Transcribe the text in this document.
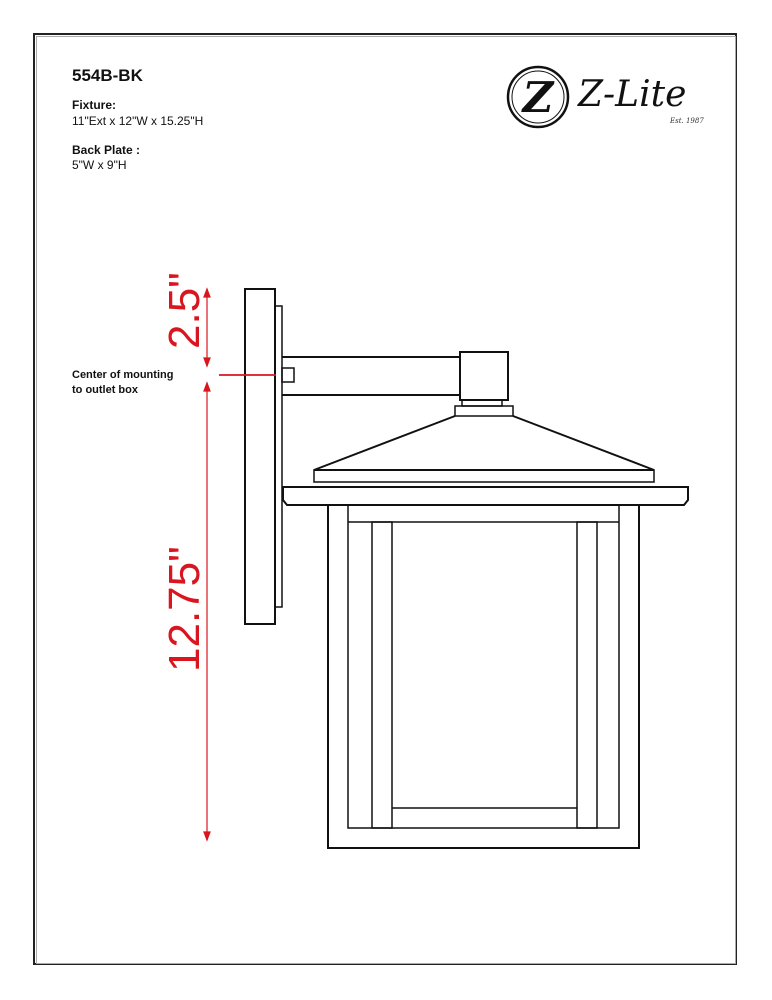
554B-BK
Fixture:
11"Ext x 12"W x 15.25"H
Back Plate :
5"W x 9"H
Center of mounting
to outlet box
Z Z-Lite
Est. 1987
2.5"
12.75"
